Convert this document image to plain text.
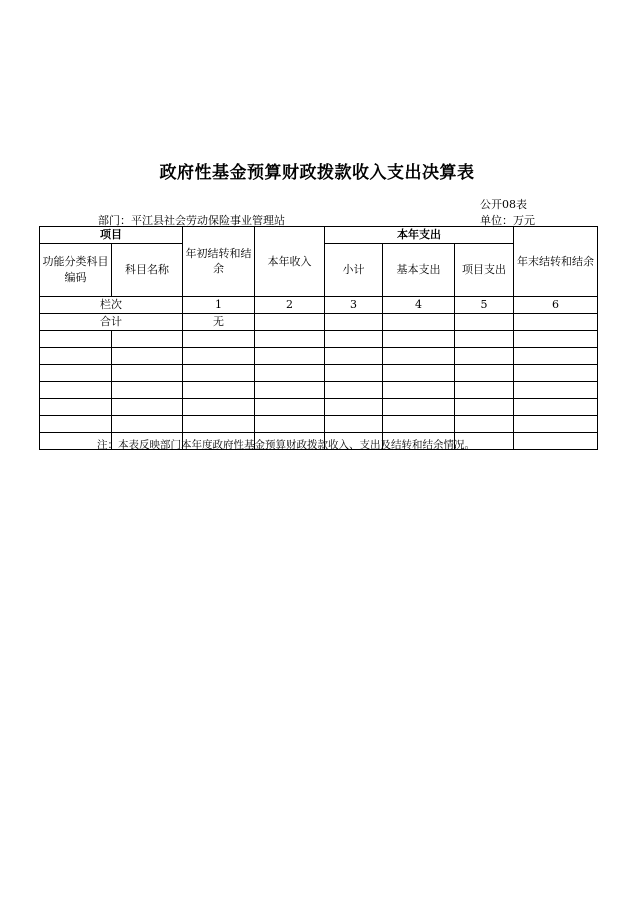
政府性基金预算财政拨款收入支出决算表
公开08表
部门：平江县社会劳动保险事业管理站	单位：万元
项目		年初结转和结余	本年收入	本年支出			年末结转和结余
功能分类科目编码	科目名称			小计	基本支出	项目支出	
栏次		1	2	3	4	5	6
合计		无					

注：本表反映部门本年度政府性基金预算财政拨款收入、支出及结转和结余情况。
